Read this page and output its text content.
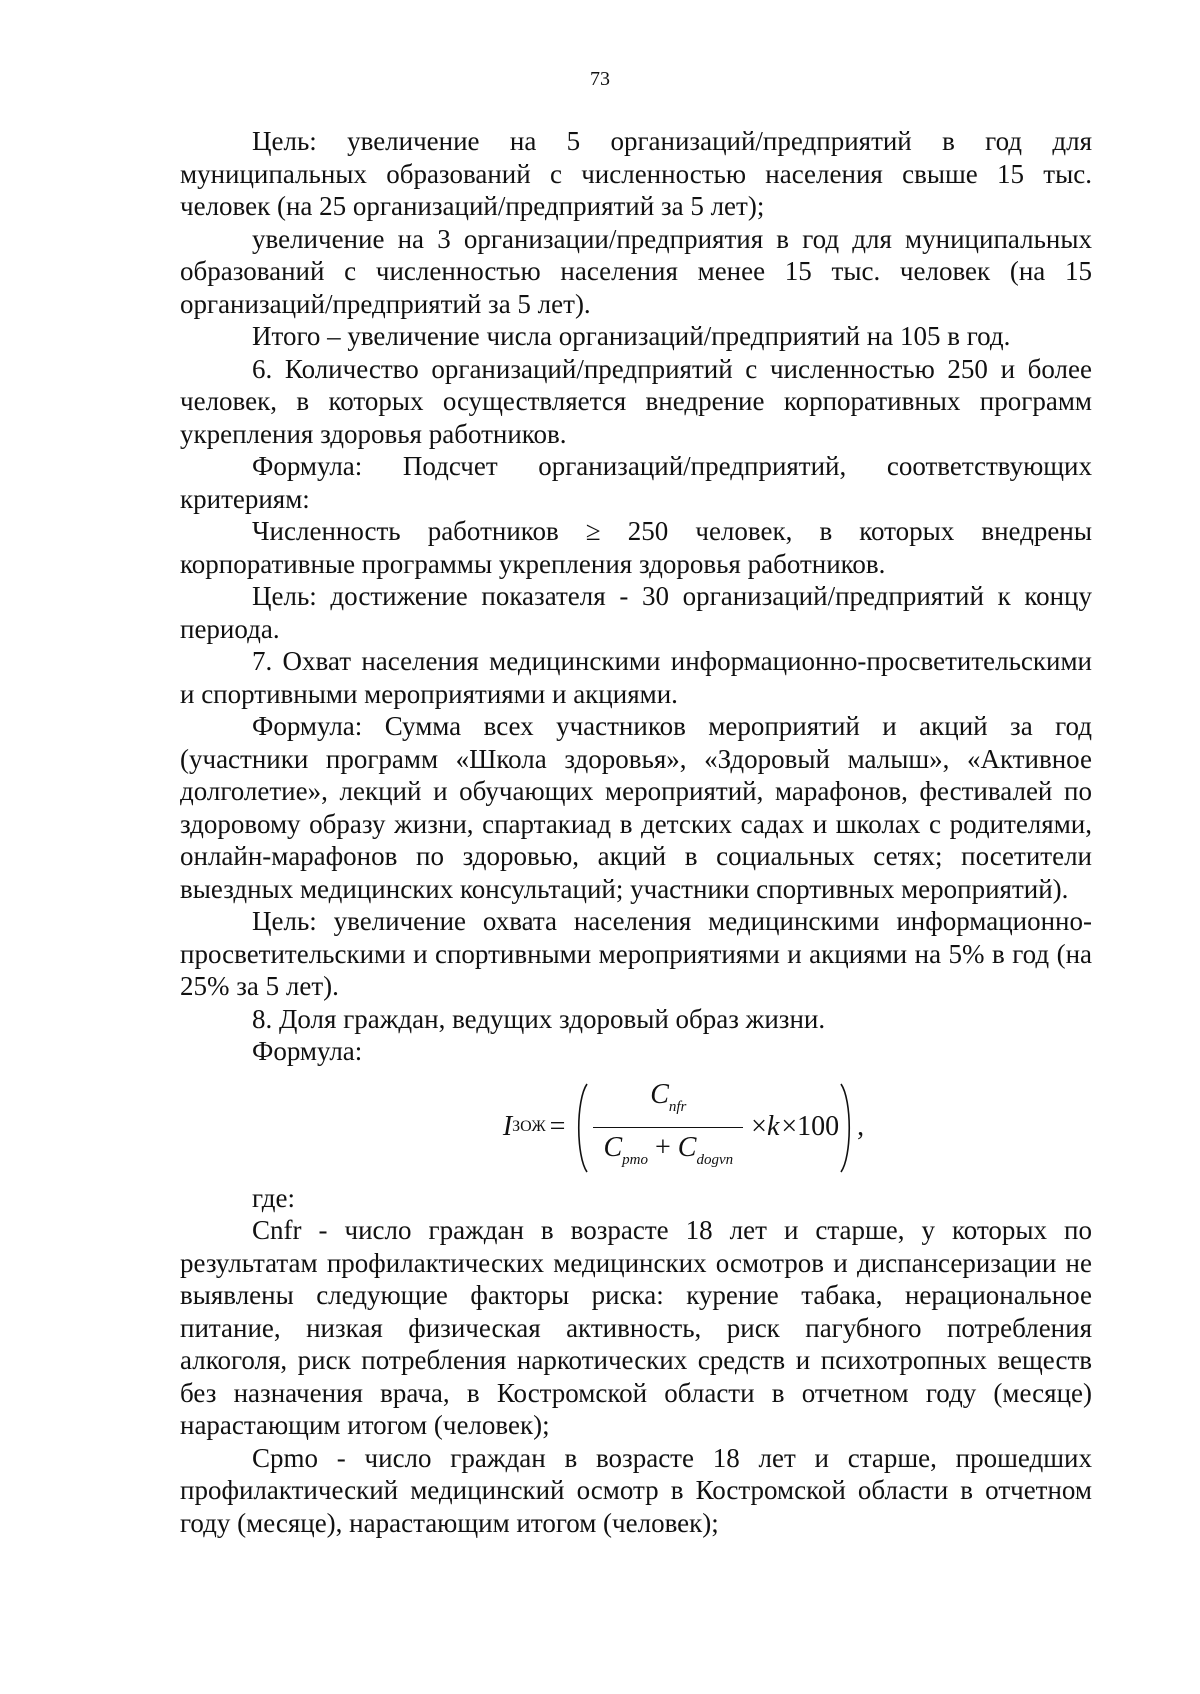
73

Цель: увеличение на 5 организаций/предприятий в год для муниципальных образований с численностью населения свыше 15 тыс. человек (на 25 организаций/предприятий за 5 лет);

увеличение на 3 организации/предприятия в год для муниципальных образований с численностью населения менее 15 тыс. человек (на 15 организаций/предприятий за 5 лет).

Итого – увеличение числа организаций/предприятий на 105 в год.

6. Количество организаций/предприятий с численностью 250 и более человек, в которых осуществляется внедрение корпоративных программ укрепления здоровья работников.

Формула: Подсчет организаций/предприятий, соответствующих критериям:

Численность работников ≥ 250 человек, в которых внедрены корпоративные программы укрепления здоровья работников.

Цель: достижение показателя - 30 организаций/предприятий к концу периода.

7. Охват населения медицинскими информационно-просветительскими и спортивными мероприятиями и акциями.

Формула: Сумма всех участников мероприятий и акций за год (участники программ «Школа здоровья», «Здоровый малыш», «Активное долголетие», лекций и обучающих мероприятий, марафонов, фестивалей по здоровому образу жизни, спартакиад в детских садах и школах с родителями, онлайн-марафонов по здоровью, акций в социальных сетях; посетители выездных медицинских консультаций; участники спортивных мероприятий).

Цель: увеличение охвата населения медицинскими информационно-просветительскими и спортивными мероприятиями и акциями на 5% в год (на 25% за 5 лет).

8. Доля граждан, ведущих здоровый образ жизни.

Формула:

I ЗОЖ = $\frac{C_{nfr}}{C_{pmo} + C_{dogvn}} \times k \times 100$ ,

где:

Cnfr - число граждан в возрасте 18 лет и старше, у которых по результатам профилактических медицинских осмотров и диспансеризации не выявлены следующие факторы риска: курение табака, нерациональное питание, низкая физическая активность, риск пагубного потребления алкоголя, риск потребления наркотических средств и психотропных веществ без назначения врача, в Костромской области в отчетном году (месяце) нарастающим итогом (человек);

Cpmo - число граждан в возрасте 18 лет и старше, прошедших профилактический медицинский осмотр в Костромской области в отчетном году (месяце), нарастающим итогом (человек);
